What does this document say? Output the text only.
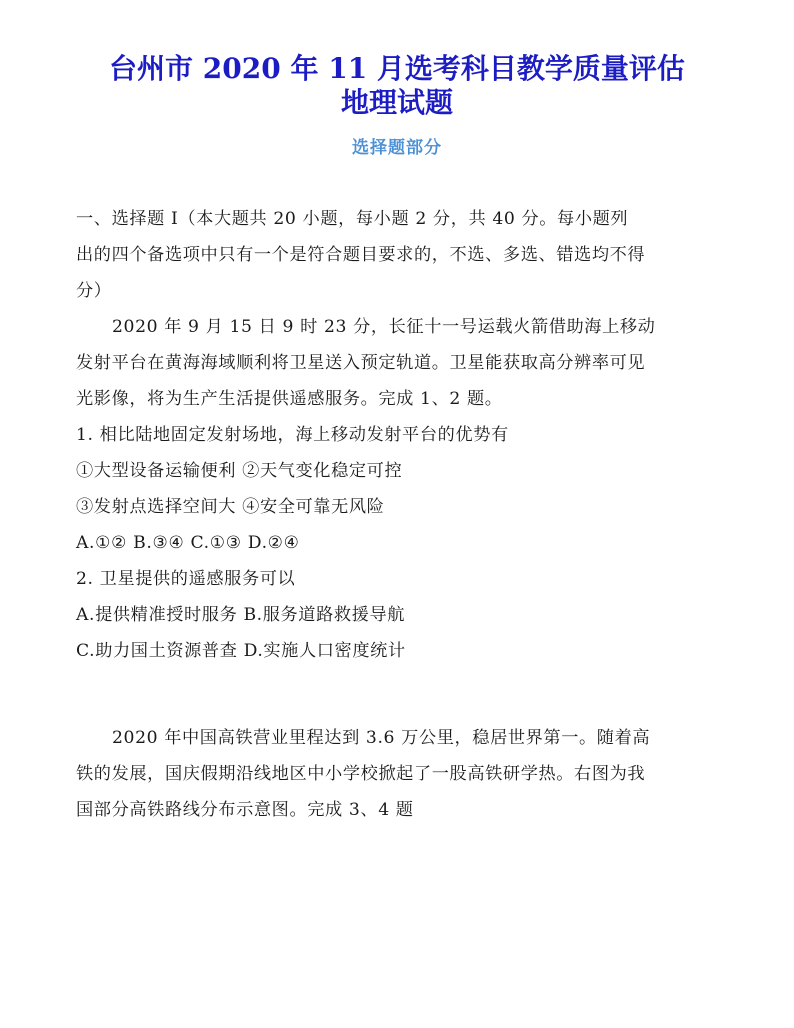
台州市 2020 年 11 月选考科目教学质量评估
地理试题
选择题部分
一、选择题 I（本大题共 20 小题，每小题 2 分，共 40 分。每小题列
出的四个备选项中只有一个是符合题目要求的，不选、多选、错选均不得
分）
2020 年 9 月 15 日 9 时 23 分，长征十一号运载火箭借助海上移动
发射平台在黄海海域顺利将卫星送入预定轨道。卫星能获取高分辨率可见
光影像，将为生产生活提供遥感服务。完成 1、2 题。
1. 相比陆地固定发射场地，海上移动发射平台的优势有
①大型设备运输便利 ②天气变化稳定可控
③发射点选择空间大 ④安全可靠无风险
A.①② B.③④ C.①③ D.②④
2. 卫星提供的遥感服务可以
A.提供精准授时服务 B.服务道路救援导航
C.助力国土资源普查 D.实施人口密度统计
2020 年中国高铁营业里程达到 3.6 万公里，稳居世界第一。随着高
铁的发展，国庆假期沿线地区中小学校掀起了一股高铁研学热。右图为我
国部分高铁路线分布示意图。完成 3、4 题
